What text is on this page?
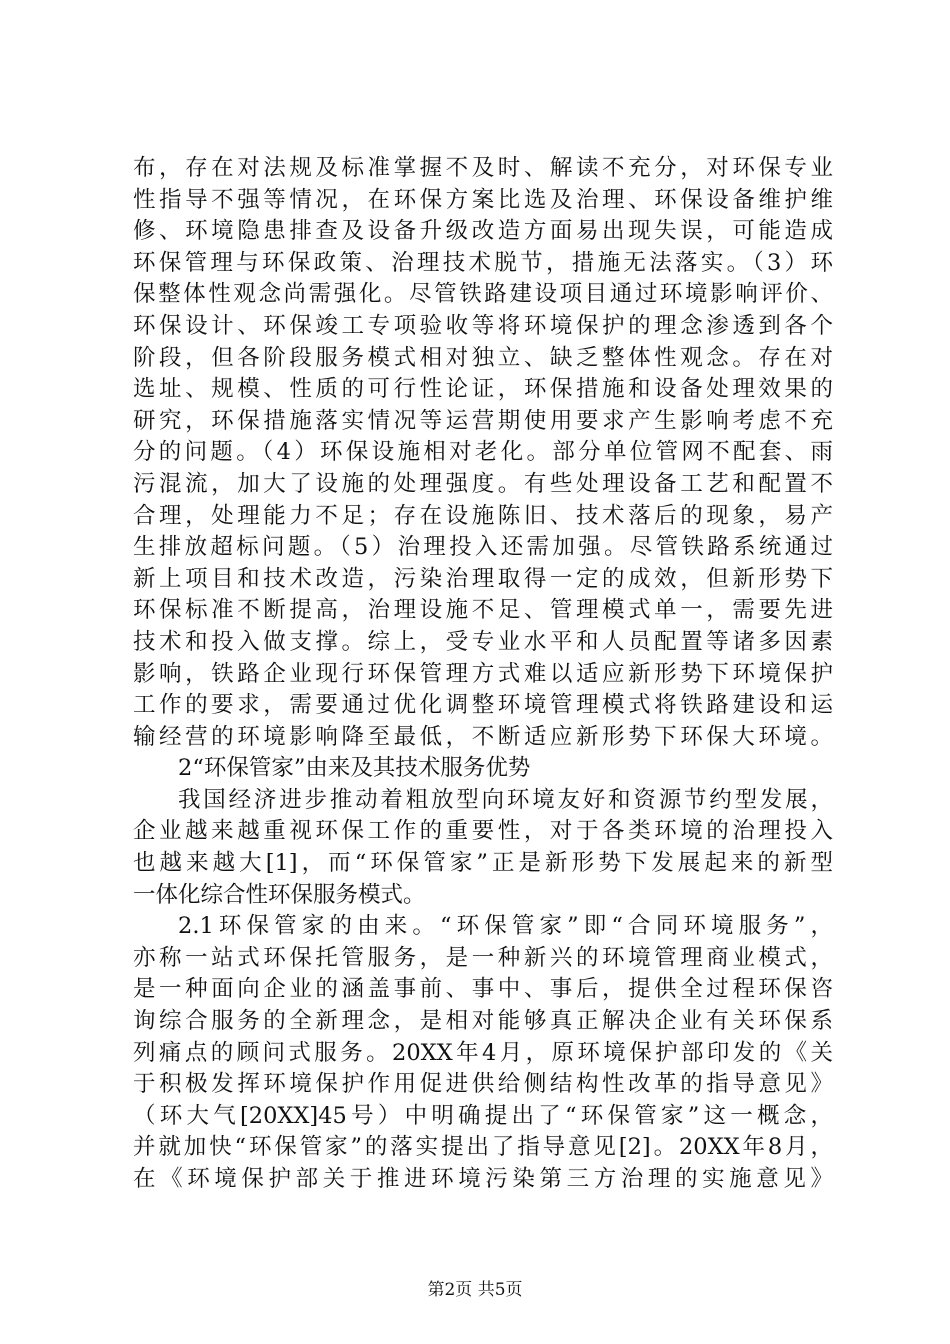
布，存在对法规及标准掌握不及时、解读不充分，对环保专业
性指导不强等情况，在环保方案比选及治理、环保设备维护维
修、环境隐患排查及设备升级改造方面易出现失误，可能造成
环保管理与环保政策、治理技术脱节，措施无法落实。（3）环
保整体性观念尚需强化。尽管铁路建设项目通过环境影响评价、
环保设计、环保竣工专项验收等将环境保护的理念渗透到各个
阶段，但各阶段服务模式相对独立、缺乏整体性观念。存在对
选址、规模、性质的可行性论证，环保措施和设备处理效果的
研究，环保措施落实情况等运营期使用要求产生影响考虑不充
分的问题。（4）环保设施相对老化。部分单位管网不配套、雨
污混流，加大了设施的处理强度。有些处理设备工艺和配置不
合理，处理能力不足；存在设施陈旧、技术落后的现象，易产
生排放超标问题。（5）治理投入还需加强。尽管铁路系统通过
新上项目和技术改造，污染治理取得一定的成效，但新形势下
环保标准不断提高，治理设施不足、管理模式单一，需要先进
技术和投入做支撑。综上，受专业水平和人员配置等诸多因素
影响，铁路企业现行环保管理方式难以适应新形势下环境保护
工作的要求，需要通过优化调整环境管理模式将铁路建设和运
输经营的环境影响降至最低，不断适应新形势下环保大环境。
2“环保管家”由来及其技术服务优势
我国经济进步推动着粗放型向环境友好和资源节约型发展，
企业越来越重视环保工作的重要性，对于各类环境的治理投入
也越来越大[1]，而“环保管家”正是新形势下发展起来的新型
一体化综合性环保服务模式。
2.1环保管家的由来。“环保管家”即“合同环境服务”，
亦称一站式环保托管服务，是一种新兴的环境管理商业模式，
是一种面向企业的涵盖事前、事中、事后，提供全过程环保咨
询综合服务的全新理念，是相对能够真正解决企业有关环保系
列痛点的顾问式服务。20XX年4月，原环境保护部印发的《关
于积极发挥环境保护作用促进供给侧结构性改革的指导意见》
（环大气[20XX]45号）中明确提出了“环保管家”这一概念，
并就加快“环保管家”的落实提出了指导意见[2]。20XX年8月，
在《环境保护部关于推进环境污染第三方治理的实施意见》
第2页 共5页
